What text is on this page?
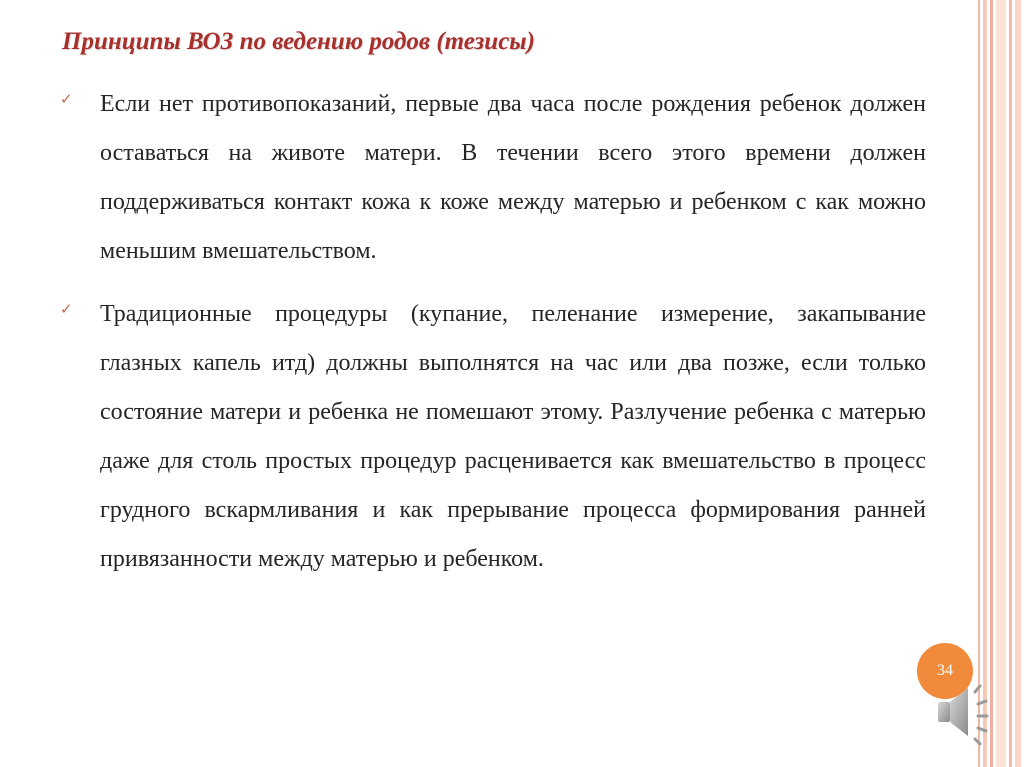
Принципы ВОЗ по ведению родов (тезисы)
✓ Если нет противопоказаний, первые два часа после рождения ребенок должен оставаться на животе матери. В течении всего этого времени должен поддерживаться контакт кожа к коже между матерью и ребенком с как можно меньшим вмешательством.
✓ Традиционные процедуры (купание, пеленание измерение, закапывание глазных капель итд) должны выполнятся на час или два позже, если только состояние матери и ребенка не помешают этому. Разлучение ребенка с матерью даже для столь простых процедур расценивается как вмешательство в процесс грудного вскармливания и как прерывание процесса формирования ранней привязанности между матерью и ребенком.
34
